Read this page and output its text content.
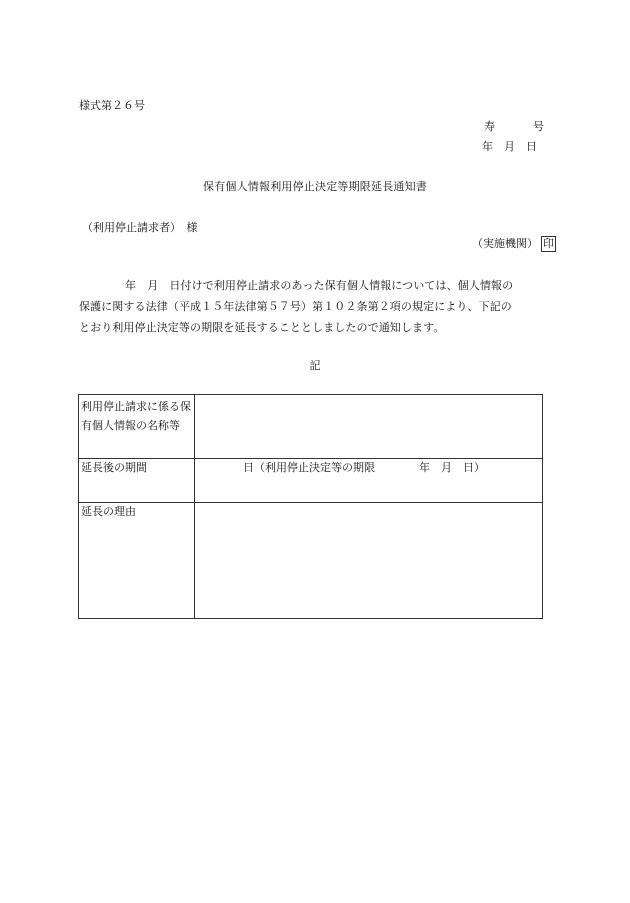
様式第２６号
寿	号
年　月　日
保有個人情報利用停止決定等期限延長通知書
（利用停止請求者）　様
（実施機関） 印

年　月　日付けで利用停止請求のあった保有個人情報については、個人情報の

保護に関する法律（平成１５年法律第５７号）第１０２条第２項の規定により、下記の

とおり利用停止決定等の期限を延長することとしましたので通知します。

記
利用停止請求に係る保有個人情報の名称等	
延長後の期間	日（利用停止決定等の期限 年　月　日）
延長の理由	
